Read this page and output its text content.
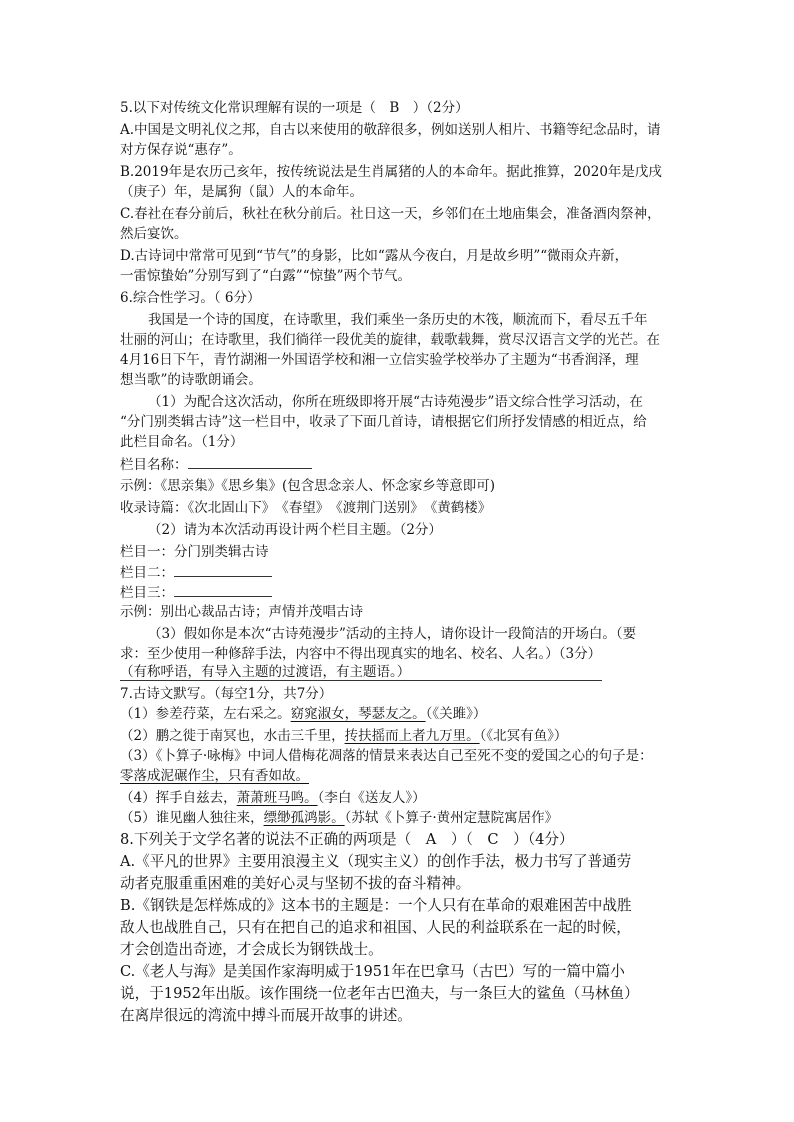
5.以下对传统文化常识理解有误的一项是（　B　）（2分）
A.中国是文明礼仪之邦，自古以来使用的敬辞很多，例如送别人相片、书籍等纪念品时，请
对方保存说“惠存”。
B.2019年是农历己亥年，按传统说法是生肖属猪的人的本命年。据此推算，2020年是戊戌
（庚子）年，是属狗（鼠）人的本命年。
C.春社在春分前后，秋社在秋分前后。社日这一天，乡邻们在土地庙集会，准备酒肉祭神，
然后宴饮。
D.古诗词中常常可见到“节气”的身影，比如“露从今夜白，月是故乡明”“微雨众卉新，
一雷惊蛰始”分别写到了“白露”“惊蛰”两个节气。
6.综合性学习。（ 6分）
我国是一个诗的国度，在诗歌里，我们乘坐一条历史的木筏，顺流而下，看尽五千年
壮丽的河山；在诗歌里，我们徜徉一段优美的旋律，载歌载舞，赏尽汉语言文学的光芒。在
4月16日下午，青竹湖湘一外国语学校和湘一立信实验学校举办了主题为“书香润泽，理
想当歌”的诗歌朗诵会。
（1）为配合这次活动，你所在班级即将开展“古诗苑漫步”语文综合性学习活动，在
“分门别类辑古诗”这一栏目中，收录了下面几首诗，请根据它们所抒发情感的相近点，给
此栏目命名。（1分）
栏目名称：
示例：《思亲集》《思乡集》(包含思念亲人、怀念家乡等意即可)
收录诗篇：《次北固山下》　《春望》　《渡荆门送别》　《黄鹤楼》
（2）请为本次活动再设计两个栏目主题。（2分）
栏目一：分门别类辑古诗
栏目二：
栏目三：
示例：别出心裁品古诗；声情并茂唱古诗
（3）假如你是本次“古诗苑漫步”活动的主持人，请你设计一段简洁的开场白。（要
求：至少使用一种修辞手法，内容中不得出现真实的地名、校名、人名。）（3分）
（有称呼语，有导入主题的过渡语，有主题语。）
7.古诗文默写。（每空1分，共7分）
（1）参差荇菜，左右采之。窈窕淑女，琴瑟友之。（《关雎》）
（2）鹏之徙于南冥也，水击三千里，抟扶摇而上者九万里。（《北冥有鱼》）
（3）《卜算子·咏梅》中词人借梅花凋落的情景来表达自己至死不变的爱国之心的句子是：
零落成泥碾作尘，只有香如故。
（4）挥手自兹去，萧萧班马鸣。（李白《送友人》）
（5）谁见幽人独往来，缥缈孤鸿影。（苏轼《卜算子·黄州定慧院寓居作》
8.下列关于文学名著的说法不正确的两项是（　A　）（　C　）（4分）
A.《平凡的世界》主要用浪漫主义（现实主义）的创作手法，极力书写了普通劳
动者克服重重困难的美好心灵与坚韧不拔的奋斗精神。
B.《钢铁是怎样炼成的》这本书的主题是：一个人只有在革命的艰难困苦中战胜
敌人也战胜自己，只有在把自己的追求和祖国、人民的利益联系在一起的时候，
才会创造出奇迹，才会成长为钢铁战士。
C.《老人与海》是美国作家海明威于1951年在巴拿马（古巴）写的一篇中篇小
说，于1952年出版。该作围绕一位老年古巴渔夫，与一条巨大的鲨鱼（马林鱼）
在离岸很远的湾流中搏斗而展开故事的讲述。
